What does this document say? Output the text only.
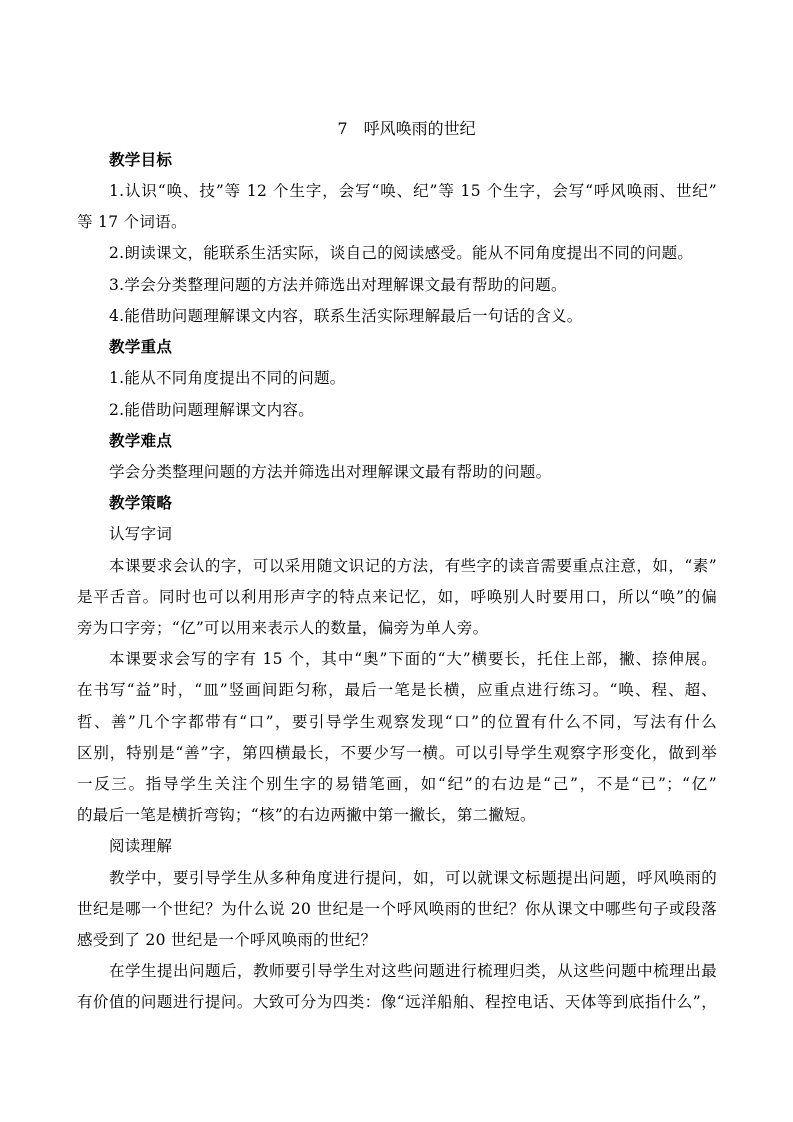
7　呼风唤雨的世纪
教学目标
1.认识“唤、技”等 12 个生字，会写“唤、纪”等 15 个生字，会写“呼风唤雨、世纪”
等 17 个词语。
2.朗读课文，能联系生活实际，谈自己的阅读感受。能从不同角度提出不同的问题。
3.学会分类整理问题的方法并筛选出对理解课文最有帮助的问题。
4.能借助问题理解课文内容，联系生活实际理解最后一句话的含义。
教学重点
1.能从不同角度提出不同的问题。
2.能借助问题理解课文内容。
教学难点
学会分类整理问题的方法并筛选出对理解课文最有帮助的问题。
教学策略
认写字词
本课要求会认的字，可以采用随文识记的方法，有些字的读音需要重点注意，如，“素”
是平舌音。同时也可以利用形声字的特点来记忆，如，呼唤别人时要用口，所以“唤”的偏
旁为口字旁；“亿”可以用来表示人的数量，偏旁为单人旁。
本课要求会写的字有 15 个，其中“奥”下面的“大”横要长，托住上部，撇、捺伸展。
在书写“益”时，“皿”竖画间距匀称，最后一笔是长横，应重点进行练习。“唤、程、超、
哲、善”几个字都带有“口”，要引导学生观察发现“口”的位置有什么不同，写法有什么
区别，特别是“善”字，第四横最长，不要少写一横。可以引导学生观察字形变化，做到举
一反三。指导学生关注个别生字的易错笔画，如“纪”的右边是“己”，不是“已”；“亿”
的最后一笔是横折弯钩；“核”的右边两撇中第一撇长，第二撇短。
阅读理解
教学中，要引导学生从多种角度进行提问，如，可以就课文标题提出问题，呼风唤雨的
世纪是哪一个世纪？为什么说 20 世纪是一个呼风唤雨的世纪？你从课文中哪些句子或段落
感受到了 20 世纪是一个呼风唤雨的世纪？
在学生提出问题后，教师要引导学生对这些问题进行梳理归类，从这些问题中梳理出最
有价值的问题进行提问。大致可分为四类：像“远洋船舶、程控电话、天体等到底指什么”，
